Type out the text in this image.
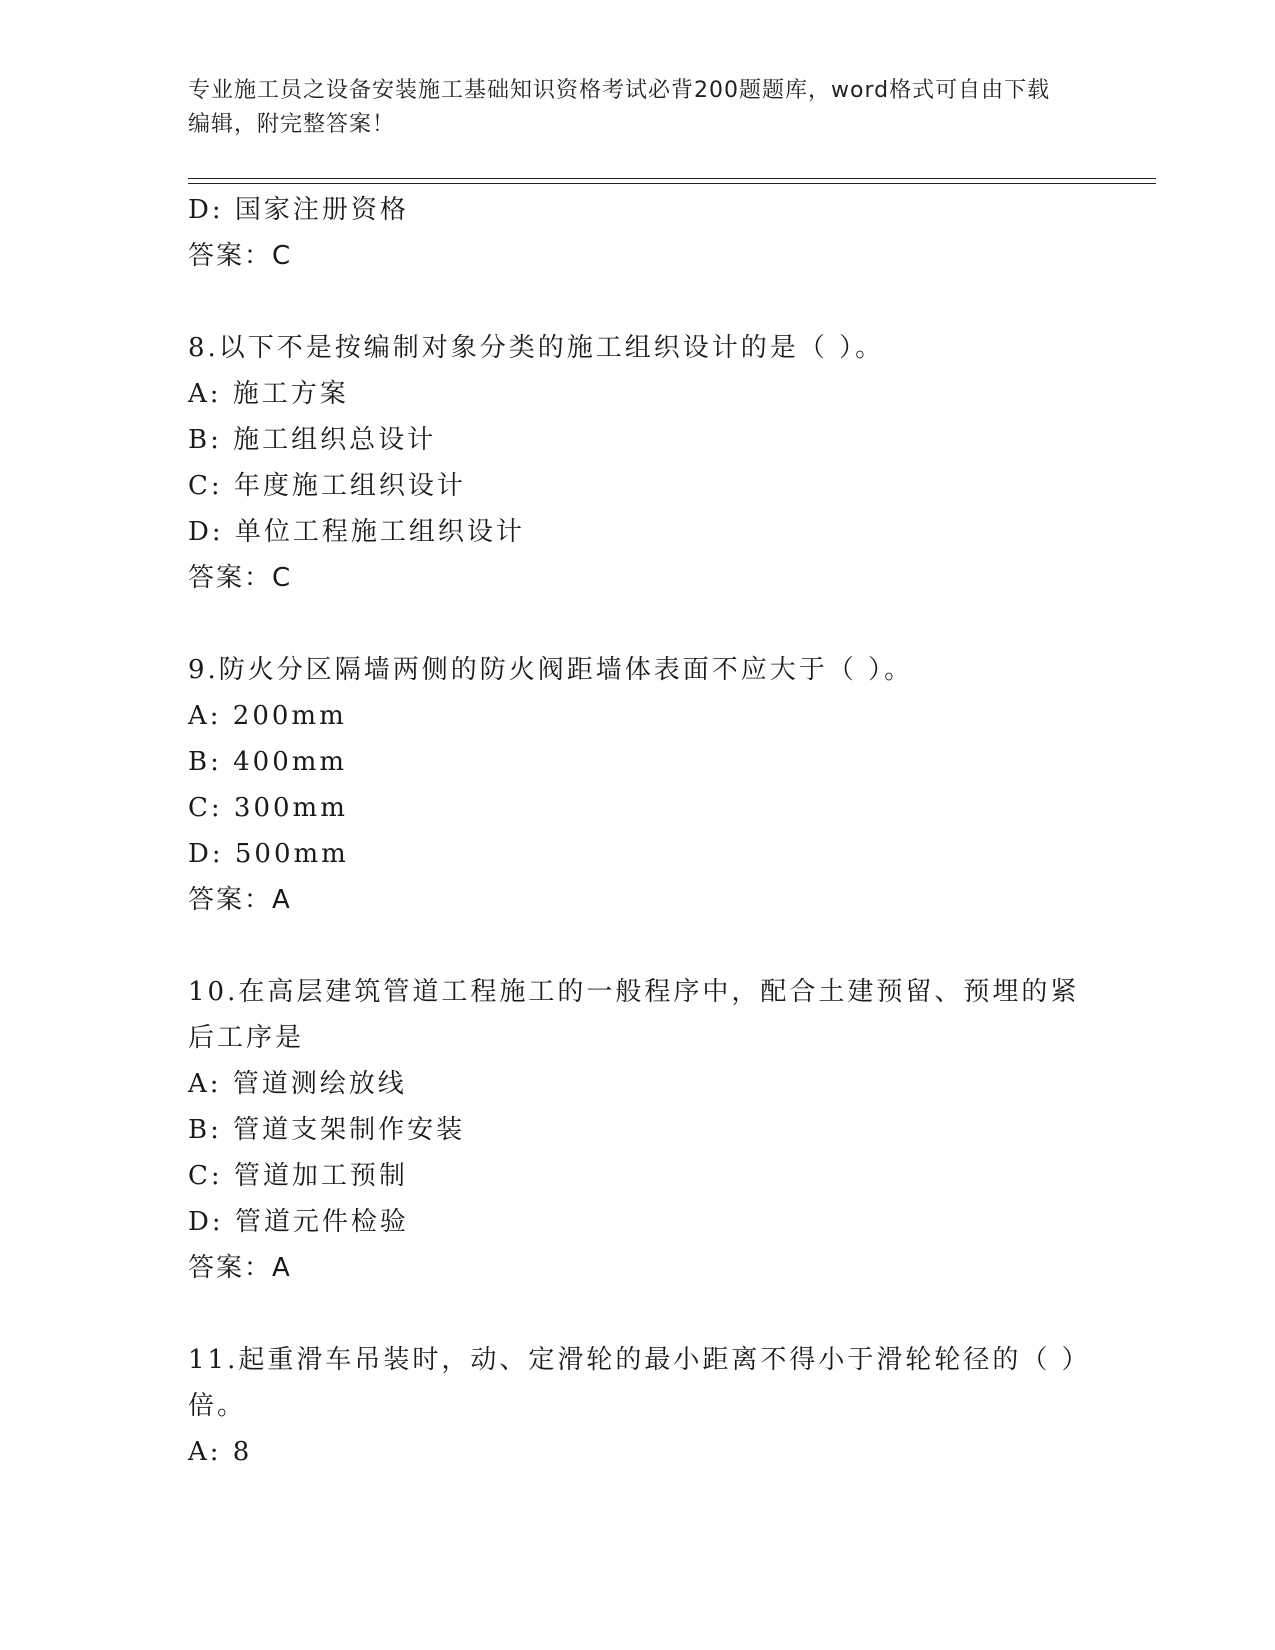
专业施工员之设备安装施工基础知识资格考试必背200题题库，word格式可自由下载编辑，附完整答案！
D: 国家注册资格
答案：C
8.以下不是按编制对象分类的施工组织设计的是（ ）。
A: 施工方案
B: 施工组织总设计
C: 年度施工组织设计
D: 单位工程施工组织设计
答案：C
9.防火分区隔墙两侧的防火阀距墙体表面不应大于（ ）。
A: 200mm
B: 400mm
C: 300mm
D: 500mm
答案：A
10.在高层建筑管道工程施工的一般程序中，配合土建预留、预埋的紧后工序是
A: 管道测绘放线
B: 管道支架制作安装
C: 管道加工预制
D: 管道元件检验
答案：A
11.起重滑车吊装时，动、定滑轮的最小距离不得小于滑轮轮径的（ ）倍。
A: 8
